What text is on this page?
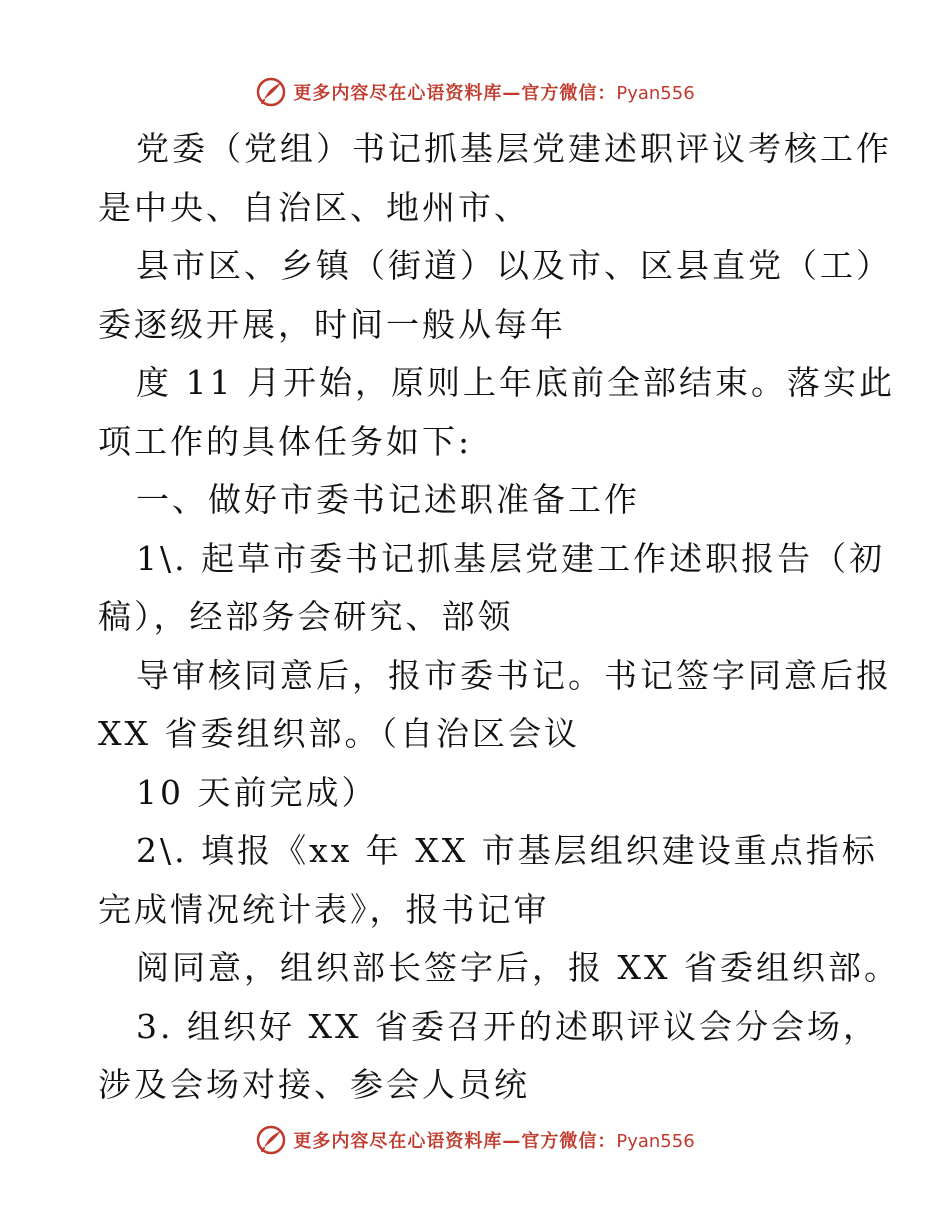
更多内容尽在心语资料库—官方微信：Pyan556
党委（党组）书记抓基层党建述职评议考核工作
是中央、自治区、地州市、
县市区、乡镇（街道）以及市、区县直党（工）
委逐级开展，时间一般从每年
度 11 月开始，原则上年底前全部结束。落实此
项工作的具体任务如下:
一、做好市委书记述职准备工作
1\. 起草市委书记抓基层党建工作述职报告（初
稿），经部务会研究、部领
导审核同意后，报市委书记。书记签字同意后报
XX 省委组织部。（自治区会议
10 天前完成）
2\. 填报《xx 年 XX 市基层组织建设重点指标
完成情况统计表》，报书记审
阅同意，组织部长签字后，报 XX 省委组织部。
3. 组织好 XX 省委召开的述职评议会分会场，
涉及会场对接、参会人员统
更多内容尽在心语资料库—官方微信：Pyan556
